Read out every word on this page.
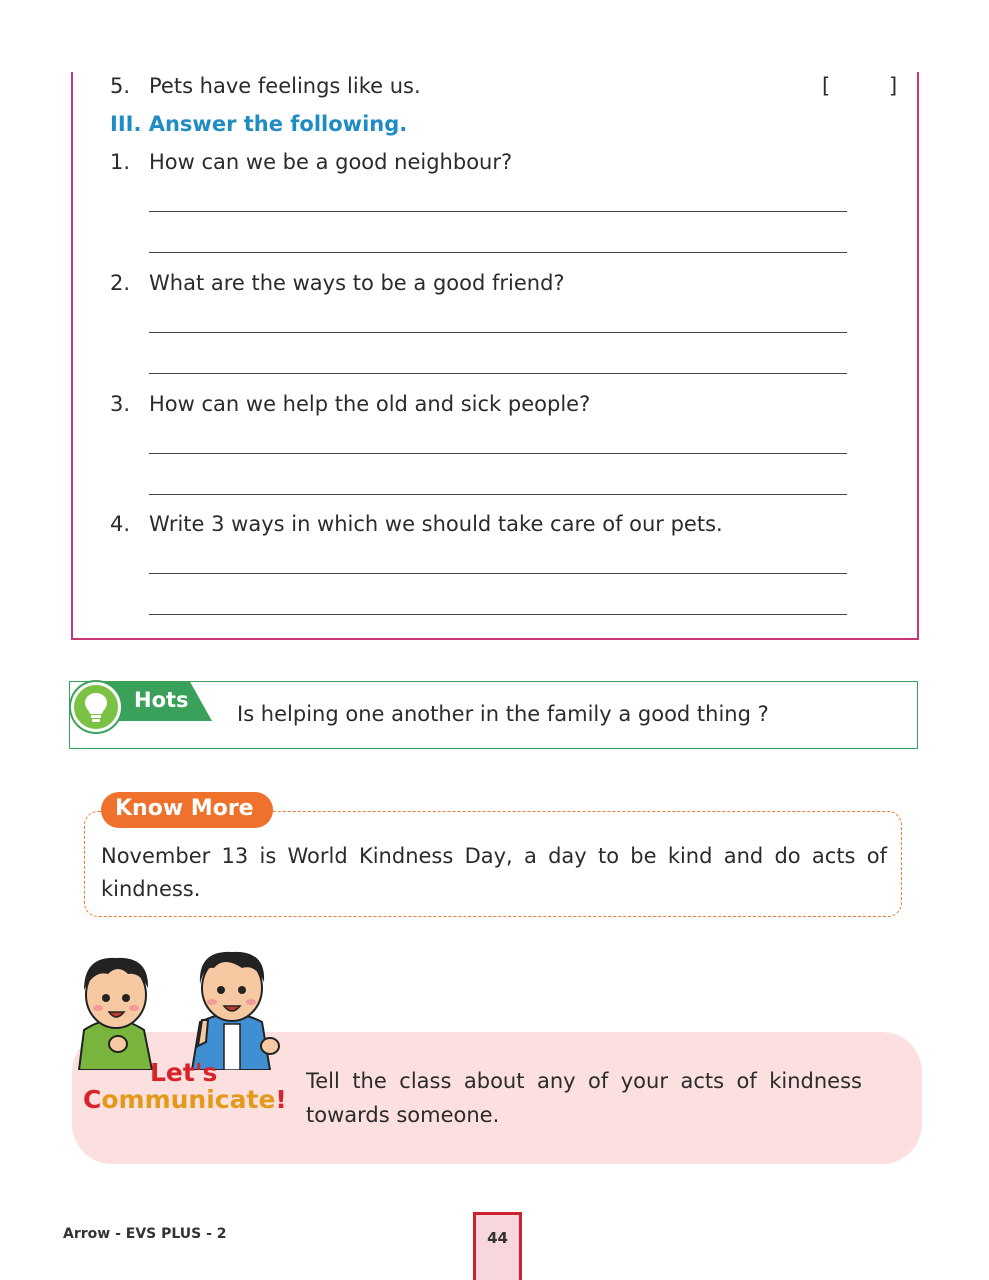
5. Pets have feelings like us.	[	]
III. Answer the following.
1. How can we be a good neighbour?
2. What are the ways to be a good friend?
3. How can we help the old and sick people?
4. Write 3 ways in which we should take care of our pets.
Hots
Is helping one another in the family a good thing ?

November 13 is World Kindness Day, a day to be kind and do acts of kindness.

Know More

Tell the class about any of your acts of kindness towards someone.

Let's
Communicate!
Arrow - EVS PLUS - 2	44
